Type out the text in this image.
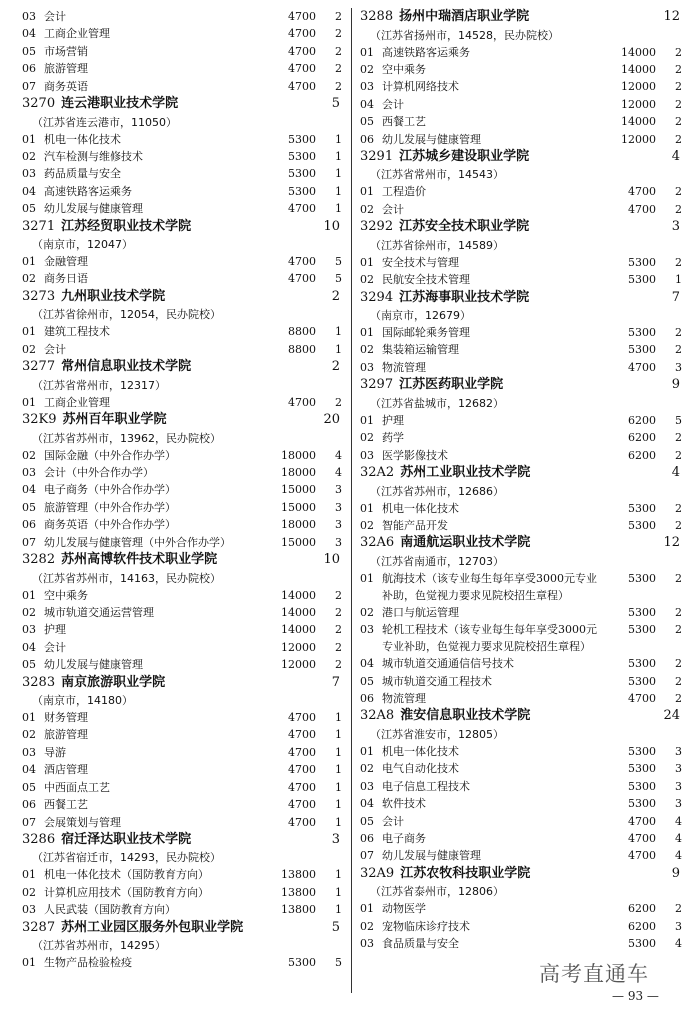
03 会计	4700	2
04 工商企业管理	4700	2
05 市场营销	4700	2
06 旅游管理	4700	2
07 商务英语	4700	2
3270 连云港职业技术学院	5
（江苏省连云港市，11050）
01 机电一体化技术	5300	1
02 汽车检测与维修技术	5300	1
03 药品质量与安全	5300	1
04 高速铁路客运乘务	5300	1
05 幼儿发展与健康管理	4700	1
3271 江苏经贸职业技术学院	10
（南京市，12047）
01 金融管理	4700	5
02 商务日语	4700	5
3273 九州职业技术学院	2
（江苏省徐州市，12054，民办院校）
01 建筑工程技术	8800	1
02 会计	8800	1
3277 常州信息职业技术学院	2
（江苏省常州市，12317）
01 工商企业管理	4700	2
32K9 苏州百年职业学院	20
（江苏省苏州市，13962，民办院校）
02 国际金融（中外合作办学）	18000	4
03 会计（中外合作办学）	18000	4
04 电子商务（中外合作办学）	15000	3
05 旅游管理（中外合作办学）	15000	3
06 商务英语（中外合作办学）	18000	3
07 幼儿发展与健康管理（中外合作办学）	15000	3
3282 苏州高博软件技术职业学院	10
（江苏省苏州市，14163，民办院校）
01 空中乘务	14000	2
02 城市轨道交通运营管理	14000	2
03 护理	14000	2
04 会计	12000	2
05 幼儿发展与健康管理	12000	2
3283 南京旅游职业学院	7
（南京市，14180）
01 财务管理	4700	1
02 旅游管理	4700	1
03 导游	4700	1
04 酒店管理	4700	1
05 中西面点工艺	4700	1
06 西餐工艺	4700	1
07 会展策划与管理	4700	1
3286 宿迁泽达职业技术学院	3
（江苏省宿迁市，14293，民办院校）
01 机电一体化技术（国防教育方向）	13800	1
02 计算机应用技术（国防教育方向）	13800	1
03 人民武装（国防教育方向）	13800	1
3287 苏州工业园区服务外包职业学院	5
（江苏省苏州市，14295）
01 生物产品检验检疫	5300	5
3288 扬州中瑞酒店职业学院	12
（江苏省扬州市，14528，民办院校）
01 高速铁路客运乘务	14000	2
02 空中乘务	14000	2
03 计算机网络技术	12000	2
04 会计	12000	2
05 西餐工艺	14000	2
06 幼儿发展与健康管理	12000	2
3291 江苏城乡建设职业学院	4
（江苏省常州市，14543）
01 工程造价	4700	2
02 会计	4700	2
3292 江苏安全技术职业学院	3
（江苏省徐州市，14589）
01 安全技术与管理	5300	2
02 民航安全技术管理	5300	1
3294 江苏海事职业技术学院	7
（南京市，12679）
01 国际邮轮乘务管理	5300	2
02 集装箱运输管理	5300	2
03 物流管理	4700	3
3297 江苏医药职业学院	9
（江苏省盐城市，12682）
01 护理	6200	5
02 药学	6200	2
03 医学影像技术	6200	2
32A2 苏州工业职业技术学院	4
（江苏省苏州市，12686）
01 机电一体化技术	5300	2
02 智能产品开发	5300	2
32A6 南通航运职业技术学院	12
（江苏省南通市，12703）
01 航海技术（该专业每生每年享受3000元专业补助，色觉视力要求见院校招生章程）
5300	2
02 港口与航运管理	5300	2
03 轮机工程技术（该专业每生每年享受3000元专业补助，色觉视力要求见院校招生章程）
5300	2
04 城市轨道交通通信信号技术	5300	2
05 城市轨道交通工程技术	5300	2
06 物流管理	4700	2
32A8 淮安信息职业技术学院	24
（江苏省淮安市，12805）
01 机电一体化技术	5300	3
02 电气自动化技术	5300	3
03 电子信息工程技术	5300	3
04 软件技术	5300	3
05 会计	4700	4
06 电子商务	4700	4
07 幼儿发展与健康管理	4700	4
32A9 江苏农牧科技职业学院	9
（江苏省泰州市，12806）
01 动物医学	6200	2
02 宠物临床诊疗技术	6200	3
03 食品质量与安全	5300	4
高考直通车
— 93 —
